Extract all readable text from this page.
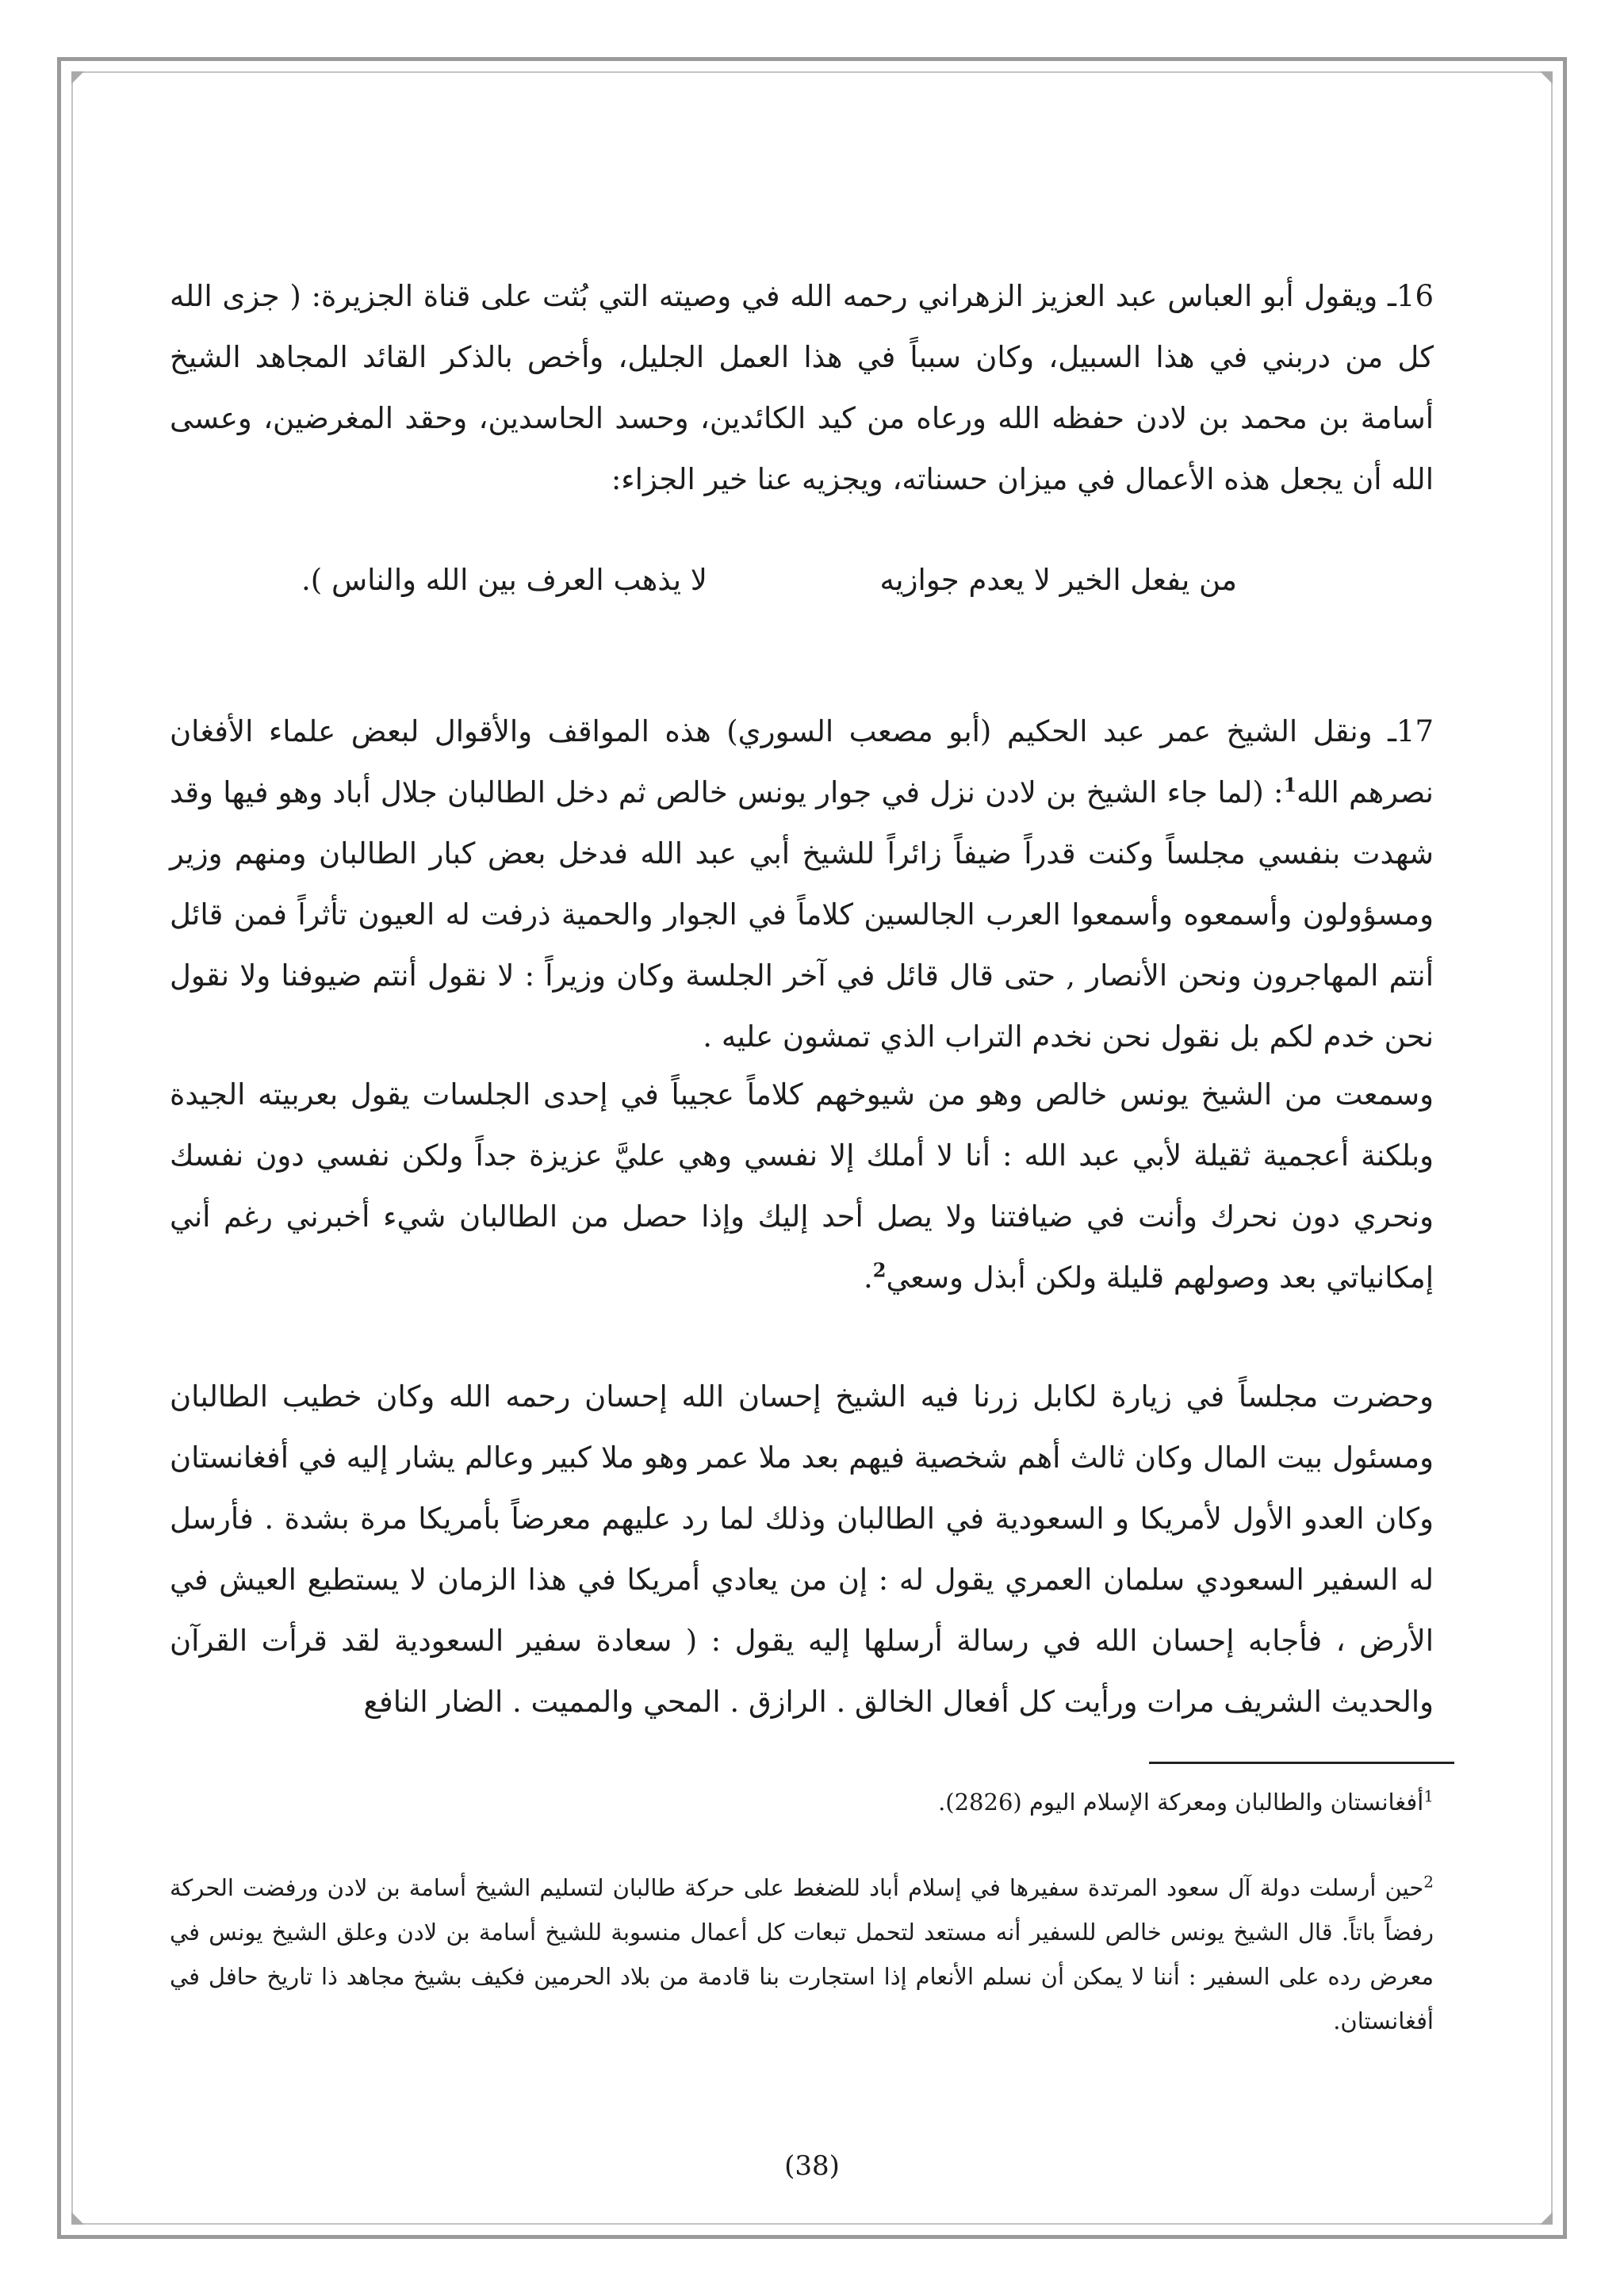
16ـ ويقول أبو العباس عبد العزيز الزهراني رحمه الله في وصيته التي بُثت على قناة الجزيرة: ( جزى الله كل من دربني في هذا السبيل، وكان سبباً في هذا العمل الجليل، وأخص بالذكر القائد المجاهد الشيخ أسامة بن محمد بن لادن حفظه الله ورعاه من كيد الكائدين، وحسد الحاسدين، وحقد المغرضين، وعسى الله أن يجعل هذه الأعمال في ميزان حسناته، ويجزيه عنا خير الجزاء:

من يفعل الخير لا يعدم جوازيه
لا يذهب العرف بين الله والناس ).

17ـ ونقل الشيخ عمر عبد الحكيم (أبو مصعب السوري) هذه المواقف والأقوال لبعض علماء الأفغان نصرهم الله$^1$: (لما جاء الشيخ بن لادن نزل في جوار يونس خالص ثم دخل الطالبان جلال أباد وهو فيها وقد شهدت بنفسي مجلساً وكنت قدراً ضيفاً زائراً للشيخ أبي عبد الله فدخل بعض كبار الطالبان ومنهم وزير ومسؤولون وأسمعوه وأسمعوا العرب الجالسين كلاماً في الجوار والحمية ذرفت له العيون تأثراً فمن قائل أنتم المهاجرون ونحن الأنصار , حتى قال قائل في آخر الجلسة وكان وزيراً : لا نقول أنتم ضيوفنا ولا نقول نحن خدم لكم بل نقول نحن نخدم التراب الذي تمشون عليه .

وسمعت من الشيخ يونس خالص وهو من شيوخهم كلاماً عجيباً في إحدى الجلسات يقول بعربيته الجيدة وبلكنة أعجمية ثقيلة لأبي عبد الله : أنا لا أملك إلا نفسي وهي عليَّ عزيزة جداً ولكن نفسي دون نفسك ونحري دون نحرك وأنت في ضيافتنا ولا يصل أحد إليك وإذا حصل من الطالبان شيء أخبرني رغم أني إمكانياتي بعد وصولهم قليلة ولكن أبذل وسعي$^2$.

وحضرت مجلساً في زيارة لكابل زرنا فيه الشيخ إحسان الله إحسان رحمه الله وكان خطيب الطالبان ومسئول بيت المال وكان ثالث أهم شخصية فيهم بعد ملا عمر وهو ملا كبير وعالم يشار إليه في أفغانستان وكان العدو الأول لأمريكا و السعودية في الطالبان وذلك لما رد عليهم معرضاً بأمريكا مرة بشدة . فأرسل له السفير السعودي سلمان العمري يقول له : إن من يعادي أمريكا في هذا الزمان لا يستطيع العيش في الأرض ، فأجابه إحسان الله في رسالة أرسلها إليه يقول : ( سعادة سفير السعودية لقد قرأت القرآن والحديث الشريف مرات ورأيت كل أفعال الخالق . الرازق . المحي والمميت . الضار النافع

$^1$أفغانستان والطالبان ومعركة الإسلام اليوم (2826).

$^2$حين أرسلت دولة آل سعود المرتدة سفيرها في إسلام أباد للضغط على حركة طالبان لتسليم الشيخ أسامة بن لادن ورفضت الحركة رفضاً باتاً. قال الشيخ يونس خالص للسفير أنه مستعد لتحمل تبعات كل أعمال منسوبة للشيخ أسامة بن لادن وعلق الشيخ يونس في معرض رده على السفير : أننا لا يمكن أن نسلم الأنعام إذا استجارت بنا قادمة من بلاد الحرمين فكيف بشيخ مجاهد ذا تاريخ حافل في أفغانستان.

(38)
